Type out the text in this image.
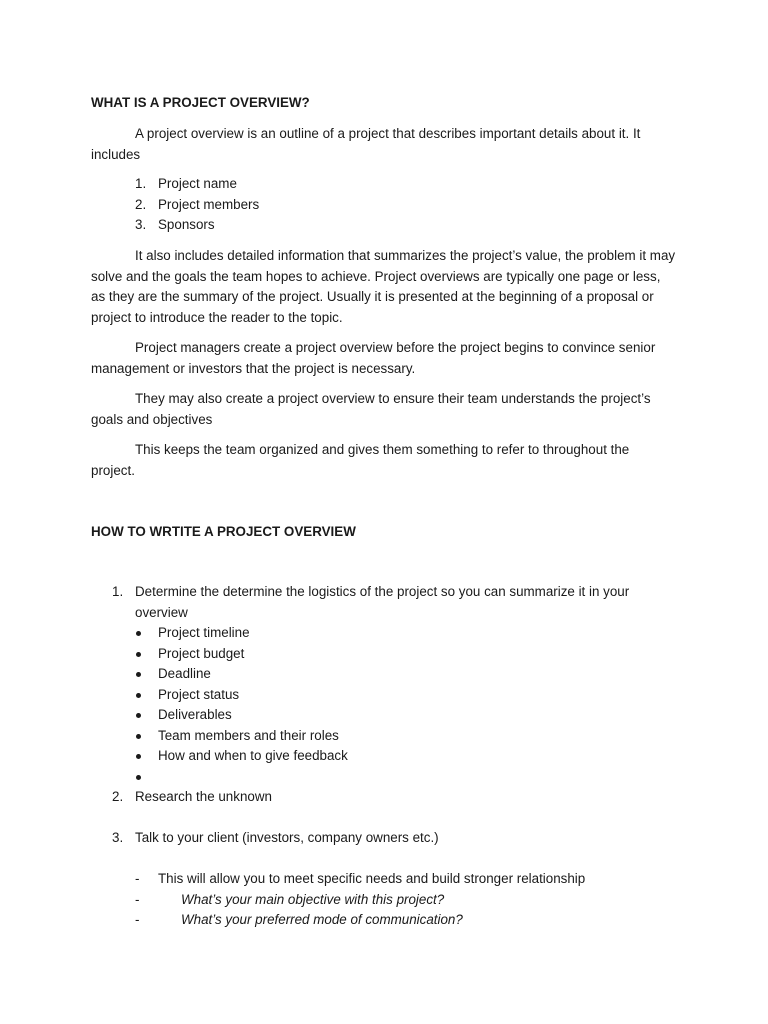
WHAT IS A PROJECT OVERVIEW?

A project overview is an outline of a project that describes important details about it. It includes

1. Project name
2. Project members
3. Sponsors

It also includes detailed information that summarizes the project’s value, the problem it may solve and the goals the team hopes to achieve. Project overviews are typically one page or less, as they are the summary of the project. Usually it is presented at the beginning of a proposal or project to introduce the reader to the topic.

Project managers create a project overview before the project begins to convince senior management or investors that the project is necessary.

They may also create a project overview to ensure their team understands the project’s goals and objectives

This keeps the team organized and gives them something to refer to throughout the project.

HOW TO WRTITE A PROJECT OVERVIEW
1. Determine the determine the logistics of the project so you can summarize it in your overview
Project timeline
Project budget
Deadline
Project status
Deliverables
Team members and their roles
How and when to give feedback
2. Research the unknown
3. Talk to your client (investors, company owners etc.)
- This will allow you to meet specific needs and build stronger relationship
-	What’s your main objective with this project?
-	What’s your preferred mode of communication?
